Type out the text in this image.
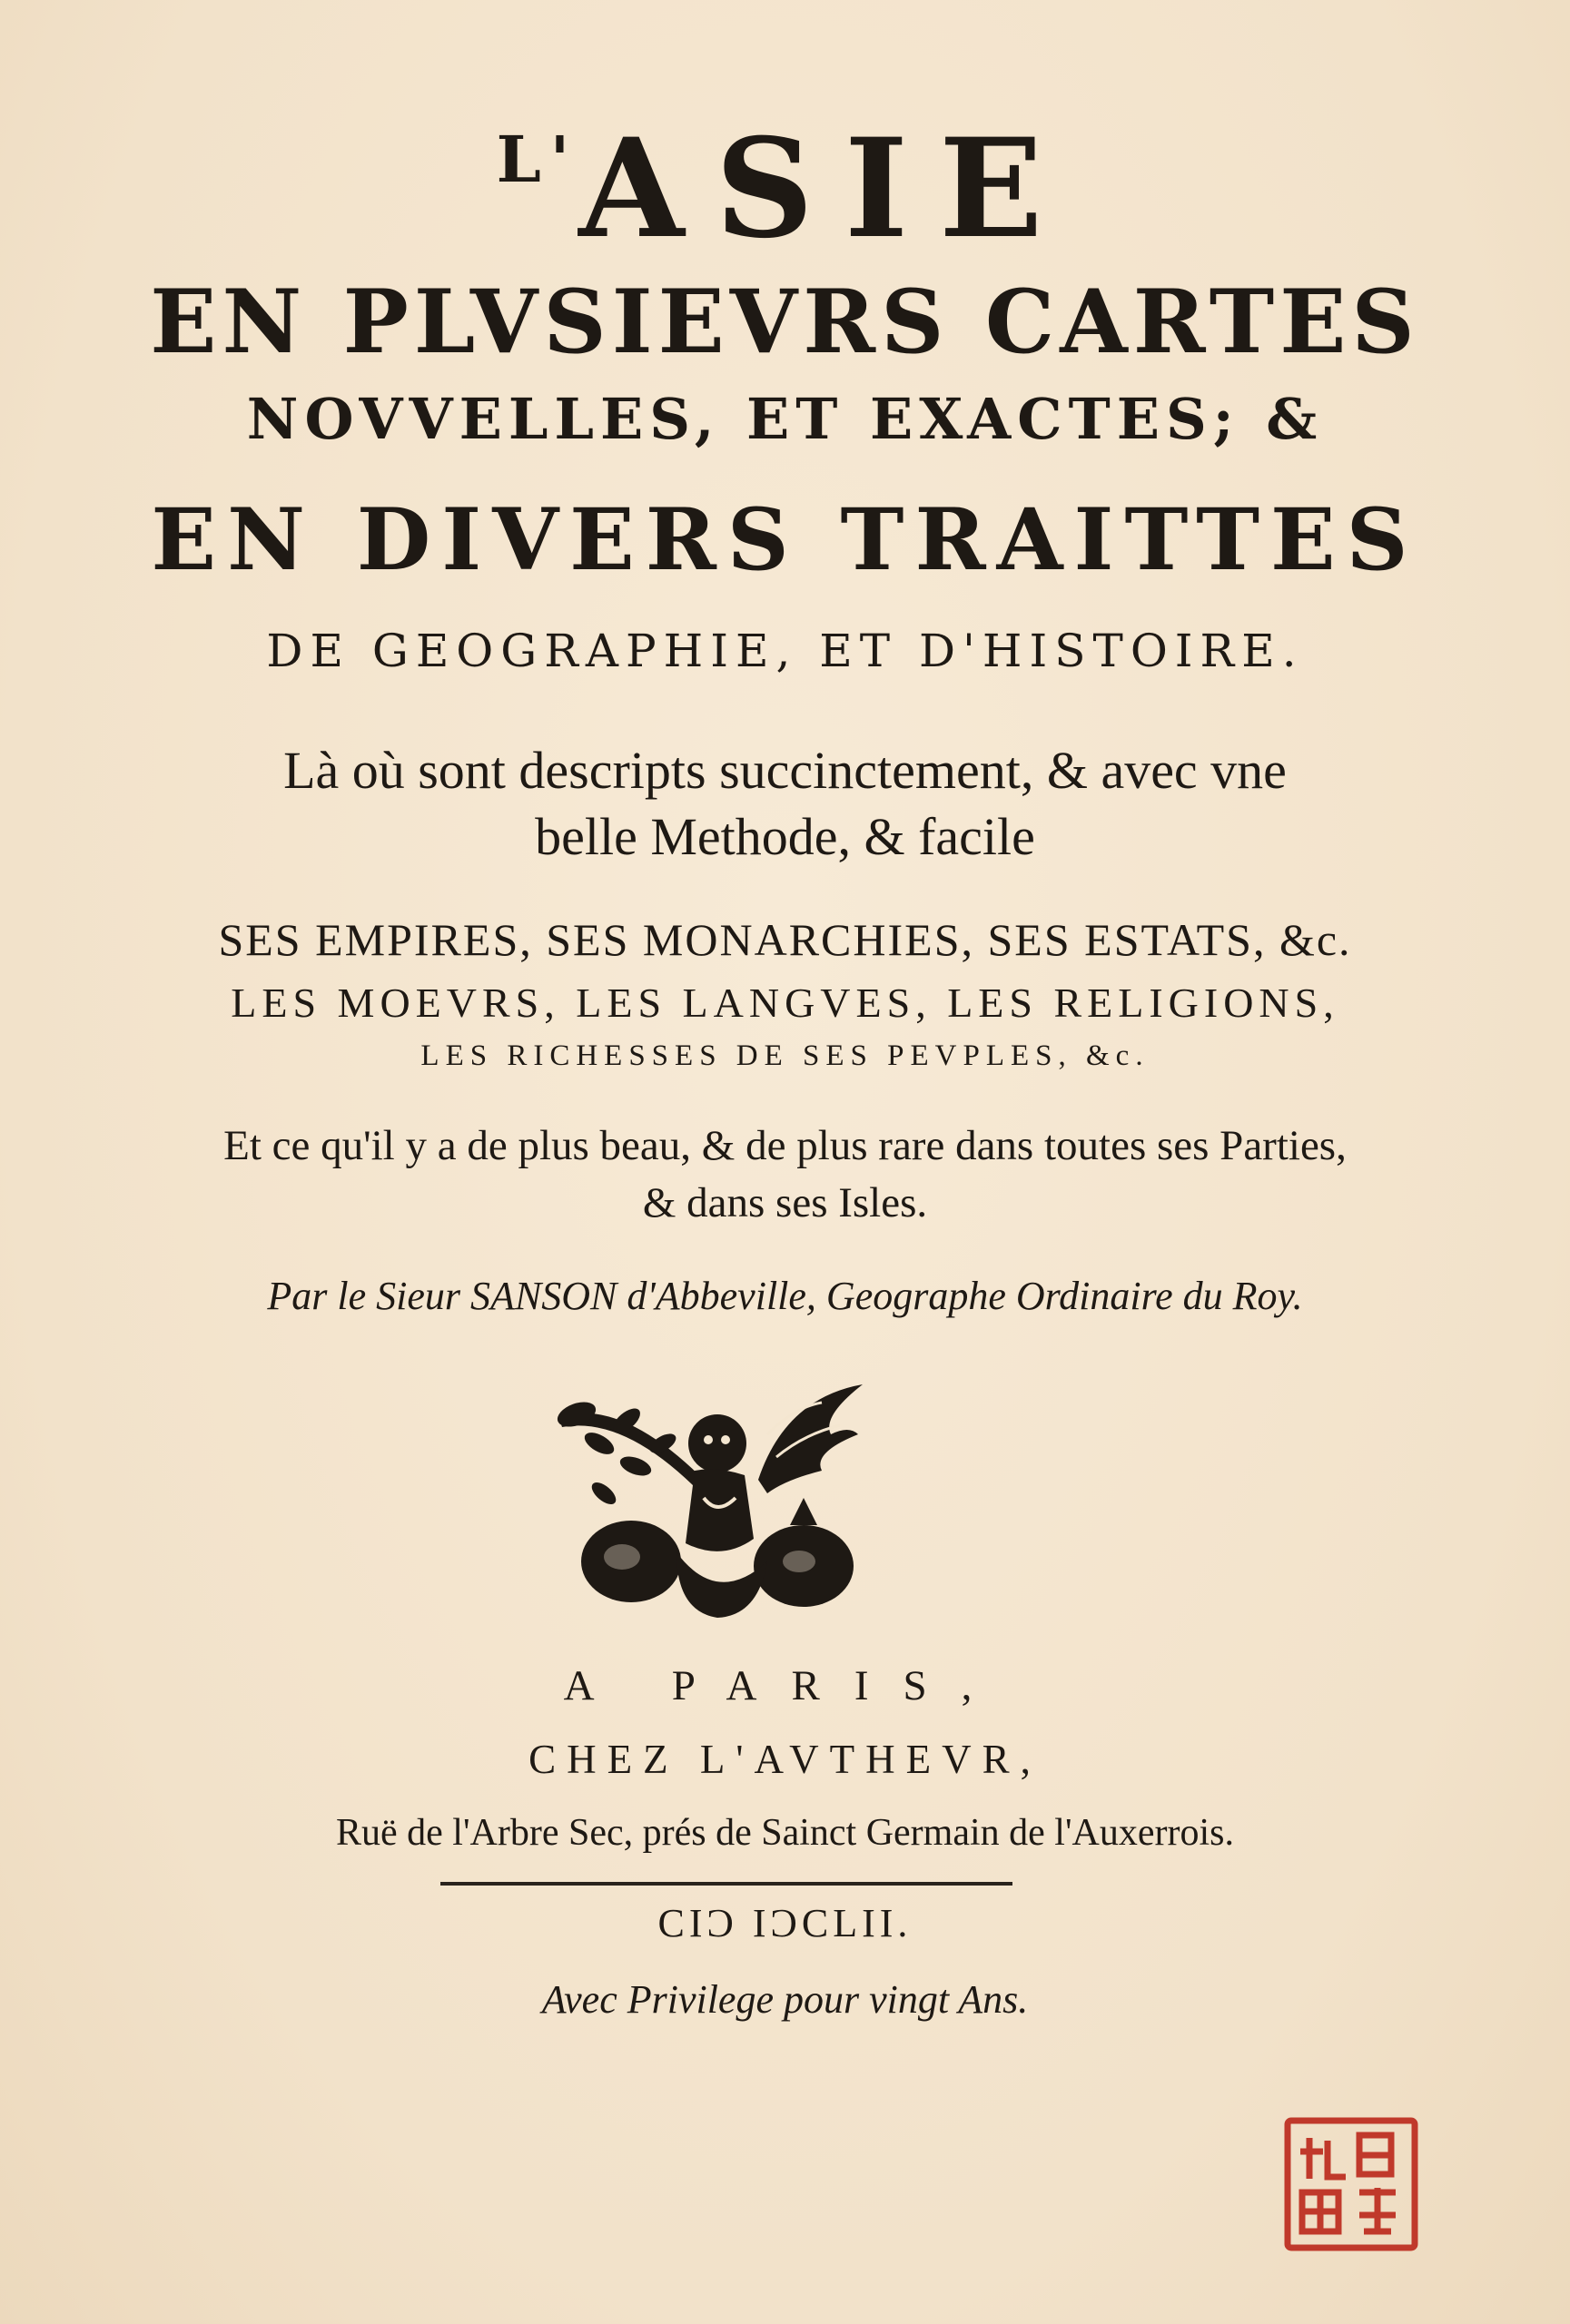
$^{L'}$ASIE
EN PLVSIEVRS CARTES
NOVVELLES, ET EXACTES; &
EN DIVERS TRAITTES
DE GEOGRAPHIE, ET D'HISTOIRE.
Là où sont descripts succinctement, & avec vne
belle Methode, & facile
SES EMPIRES, SES MONARCHIES, SES ESTATS, &c.
LES MOEVRS, LES LANGVES, LES RELIGIONS,
LES RICHESSES DE SES PEVPLES, &c.
Et ce qu'il y a de plus beau, & de plus rare dans toutes ses Parties,
& dans ses Isles.
Par le Sieur SANSON d'Abbeville, Geographe Ordinaire du Roy.
A PARIS,
CHEZ L'AVTHEVR,
Ruë de l'Arbre Sec, prés de Sainct Germain de l'Auxerrois.
CIϽ IϽCLII.
Avec Privilege pour vingt Ans.
